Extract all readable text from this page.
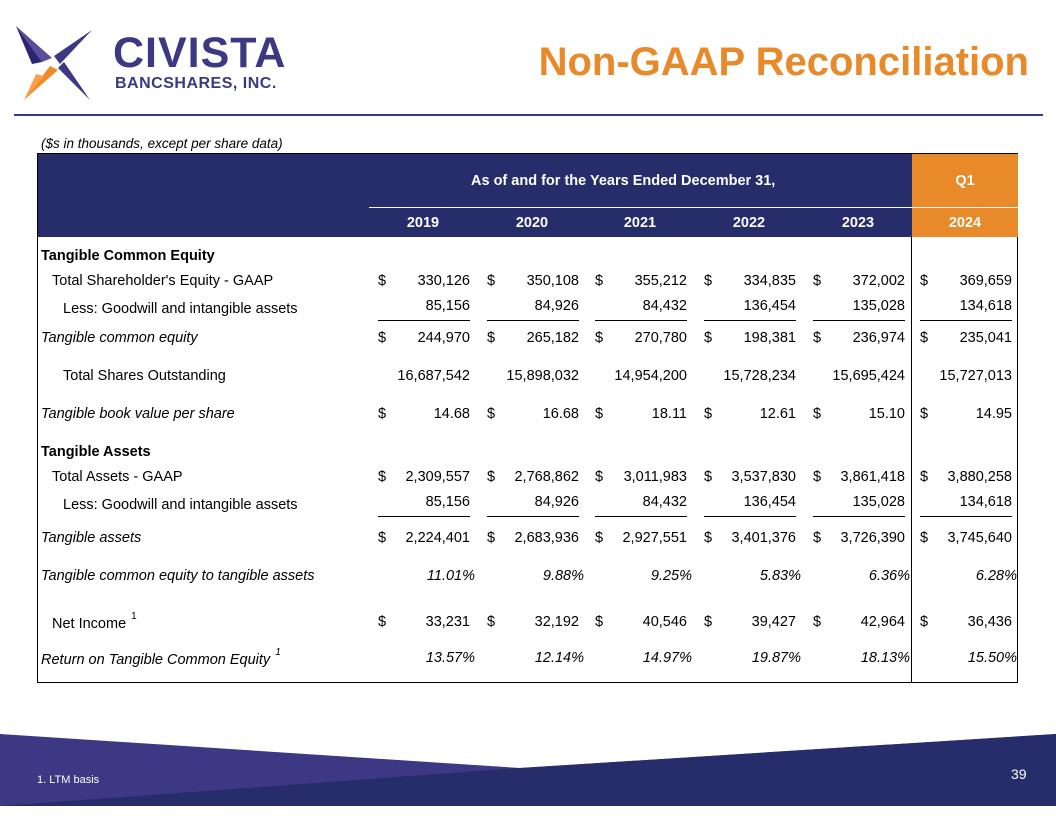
CIVISTA
BANCSHARES, INC.	Non-GAAP Reconciliation
($s in thousands, except per share data)
As of and for the Years Ended December 31,	Q1
2019	2020	2021	2022	2023	2024
Tangible Common Equity
Total Shareholder's Equity - GAAP	$ 330,126 $ 350,108 $ 355,212 $ 334,835 $ 372,002 $ 369,659
Less: Goodwill and intangible assets	85,156	84,926	84,432	136,454	135,028	134,618
Tangible common equity	$ 244,970 $ 265,182 $ 270,780 $ 198,381 $ 236,974 $ 235,041
Total Shares Outstanding	16,687,542	15,898,032 14,954,200	15,728,234	15,695,424 15,727,013
Tangible book value per share	$	14.68 $	16.68 $	18.11 $	12.61 $	15.10 $	14.95
Tangible Assets
Total Assets - GAAP	$ 2,309,557 $ 2,768,862 $ 3,011,983 $ 3,537,830 $ 3,861,418 $ 3,880,258
Less: Goodwill and intangible assets	85,156	84,926	84,432	136,454	135,028	134,618
Tangible assets	$ 2,224,401 $ 2,683,936 $ 2,927,551 $ 3,401,376 $ 3,726,390 $ 3,745,640
Tangible common equity to tangible assets	11.01%	9.88%	9.25%	5.83%	6.36%	6.28%
Net Income $^1$	$	33,231 $	32,192 $	40,546 $	39,427 $	42,964 $	36,436
Return on Tangible Common Equity $^1$	13.57%	12.14%	14.97%	19.87%	18.13%	15.50%
1. LTM basis	39
